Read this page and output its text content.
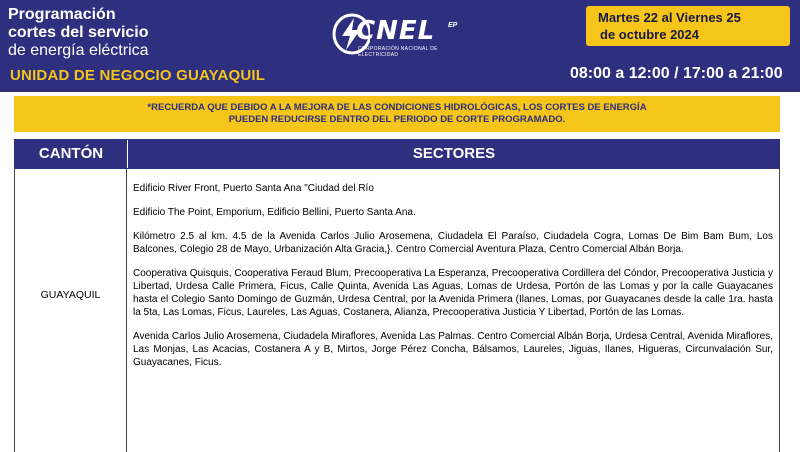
Programación
cortes del servicio
de energía eléctrica
UNIDAD DE NEGOCIO GUAYAQUIL
CNEL EP
CORPORACIÓN NACIONAL DE ELECTRICIDAD
Martes 22 al Viernes 25
de octubre 2024
08:00 a 12:00 / 17:00 a 21:00
*RECUERDA QUE DEBIDO A LA MEJORA DE LAS CONDICIONES HIDROLÓGICAS, LOS CORTES DE ENERGÍA
PUEDEN REDUCIRSE DENTRO DEL PERIODO DE CORTE PROGRAMADO.
CANTÓN	SECTORES
GUAYAQUIL

Edificio River Front, Puerto Santa Ana "Ciudad del Río

Edificio The Point, Emporium, Edificio Bellini, Puerto Santa Ana.

Kilómetro 2.5 al km. 4.5 de la Avenida Carlos Julio Arosemena, Ciudadela El Paraíso, Ciudadela Cogra, Lomas De Bim Bam Bum, Los Balcones, Colegio 28 de Mayo, Urbanización Alta Gracia,}. Centro Comercial Aventura Plaza, Centro Comercial Albán Borja.

Cooperativa Quisquis, Cooperativa Feraud Blum, Precooperativa La Esperanza, Precooperativa Cordillera del Cóndor, Precooperativa Justicia y Libertad, Urdesa Calle Primera, Ficus, Calle Quinta, Avenida Las Aguas, Lomas de Urdesa, Portón de las Lomas y por la calle Guayacanes hasta el Colegio Santo Domingo de Guzmán, Urdesa Central, por la Avenida Primera (Ilanes, Lomas, por Guayacanes desde la calle 1ra. hasta la 5ta, Las Lomas, Ficus, Laureles, Las Aguas, Costanera, Alianza, Precooperativa Justicia Y Libertad, Portón de las Lomas.

Avenida Carlos Julio Arosemena, Ciudadela Miraflores, Avenida Las Palmas. Centro Comercial Albán Borja, Urdesa Central, Avenida Miraflores, Las Monjas, Las Acacias, Costanera A y B, Mirtos, Jorge Pérez Concha, Bálsamos, Laureles, Jiguas, Ilanes, Higueras, Circunvalación Sur, Guayacanes, Ficus.
